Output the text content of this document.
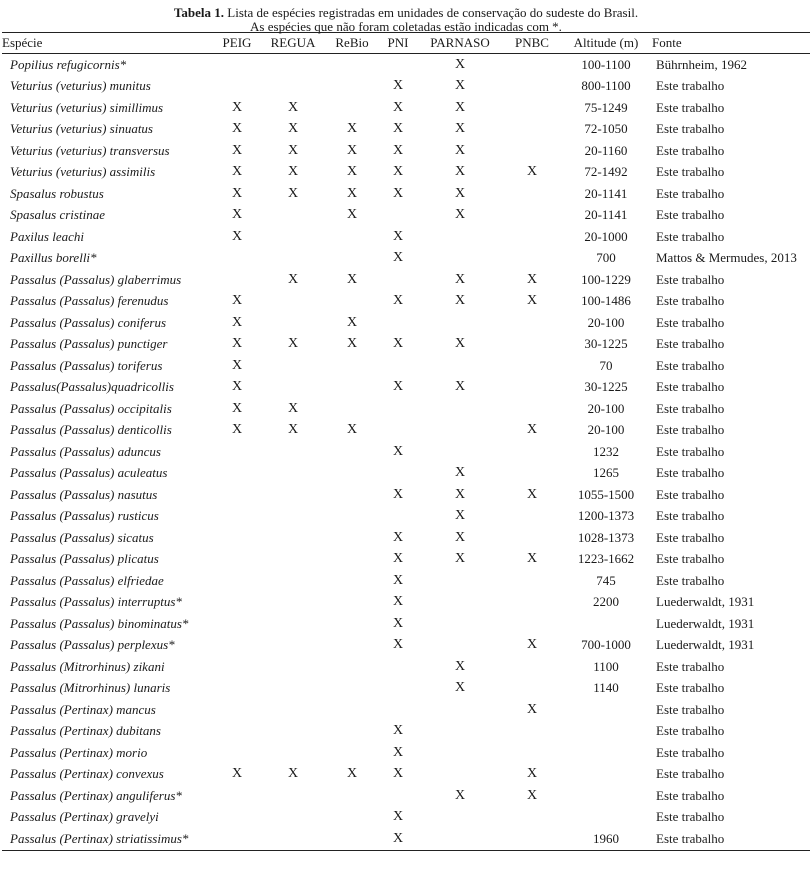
Tabela 1. Lista de espécies registradas em unidades de conservação do sudeste do Brasil.
As espécies que não foram coletadas estão indicadas com *.
Espécie	PEIG	REGUA	ReBio	PNI	PARNASO	PNBC	Altitude (m)	Fonte
Popilius refugicornis*					X		100-1100	Bührnheim, 1962
Veturius (veturius) munitus				X	X		800-1100	Este trabalho
Veturius (veturius) simillimus	X	X		X	X		75-1249	Este trabalho
Veturius (veturius) sinuatus	X	X	X	X	X		72-1050	Este trabalho
Veturius (veturius) transversus	X	X	X	X	X		20-1160	Este trabalho
Veturius (veturius) assimilis	X	X	X	X	X	X	72-1492	Este trabalho
Spasalus robustus	X	X	X	X	X		20-1141	Este trabalho
Spasalus cristinae	X		X		X		20-1141	Este trabalho
Paxilus leachi	X			X			20-1000	Este trabalho
Paxillus borelli*				X			700	Mattos & Mermudes, 2013
Passalus (Passalus) glaberrimus		X	X		X	X	100-1229	Este trabalho
Passalus (Passalus) ferenudus	X			X	X	X	100-1486	Este trabalho
Passalus (Passalus) coniferus	X		X				20-100	Este trabalho
Passalus (Passalus) punctiger	X	X	X	X	X		30-1225	Este trabalho
Passalus (Passalus) toriferus	X						70	Este trabalho
Passalus(Passalus)quadricollis	X			X	X		30-1225	Este trabalho
Passalus (Passalus) occipitalis	X	X					20-100	Este trabalho
Passalus (Passalus) denticollis	X	X	X			X	20-100	Este trabalho
Passalus (Passalus) aduncus				X			1232	Este trabalho
Passalus (Passalus) aculeatus					X		1265	Este trabalho
Passalus (Passalus) nasutus				X	X	X	1055-1500	Este trabalho
Passalus (Passalus) rusticus					X		1200-1373	Este trabalho
Passalus (Passalus) sicatus				X	X		1028-1373	Este trabalho
Passalus (Passalus) plicatus				X	X	X	1223-1662	Este trabalho
Passalus (Passalus) elfriedae				X			745	Este trabalho
Passalus (Passalus) interruptus*				X			2200	Luederwaldt, 1931
Passalus (Passalus) binominatus*				X				Luederwaldt, 1931
Passalus (Passalus) perplexus*				X		X	700-1000	Luederwaldt, 1931
Passalus (Mitrorhinus) zikani					X		1100	Este trabalho
Passalus (Mitrorhinus) lunaris					X		1140	Este trabalho
Passalus (Pertinax) mancus						X		Este trabalho
Passalus (Pertinax) dubitans				X				Este trabalho
Passalus (Pertinax) morio				X				Este trabalho
Passalus (Pertinax) convexus	X	X	X	X		X		Este trabalho
Passalus (Pertinax) anguliferus*					X	X		Este trabalho
Passalus (Pertinax) gravelyi				X				Este trabalho
Passalus (Pertinax) striatissimus*				X			1960	Este trabalho
